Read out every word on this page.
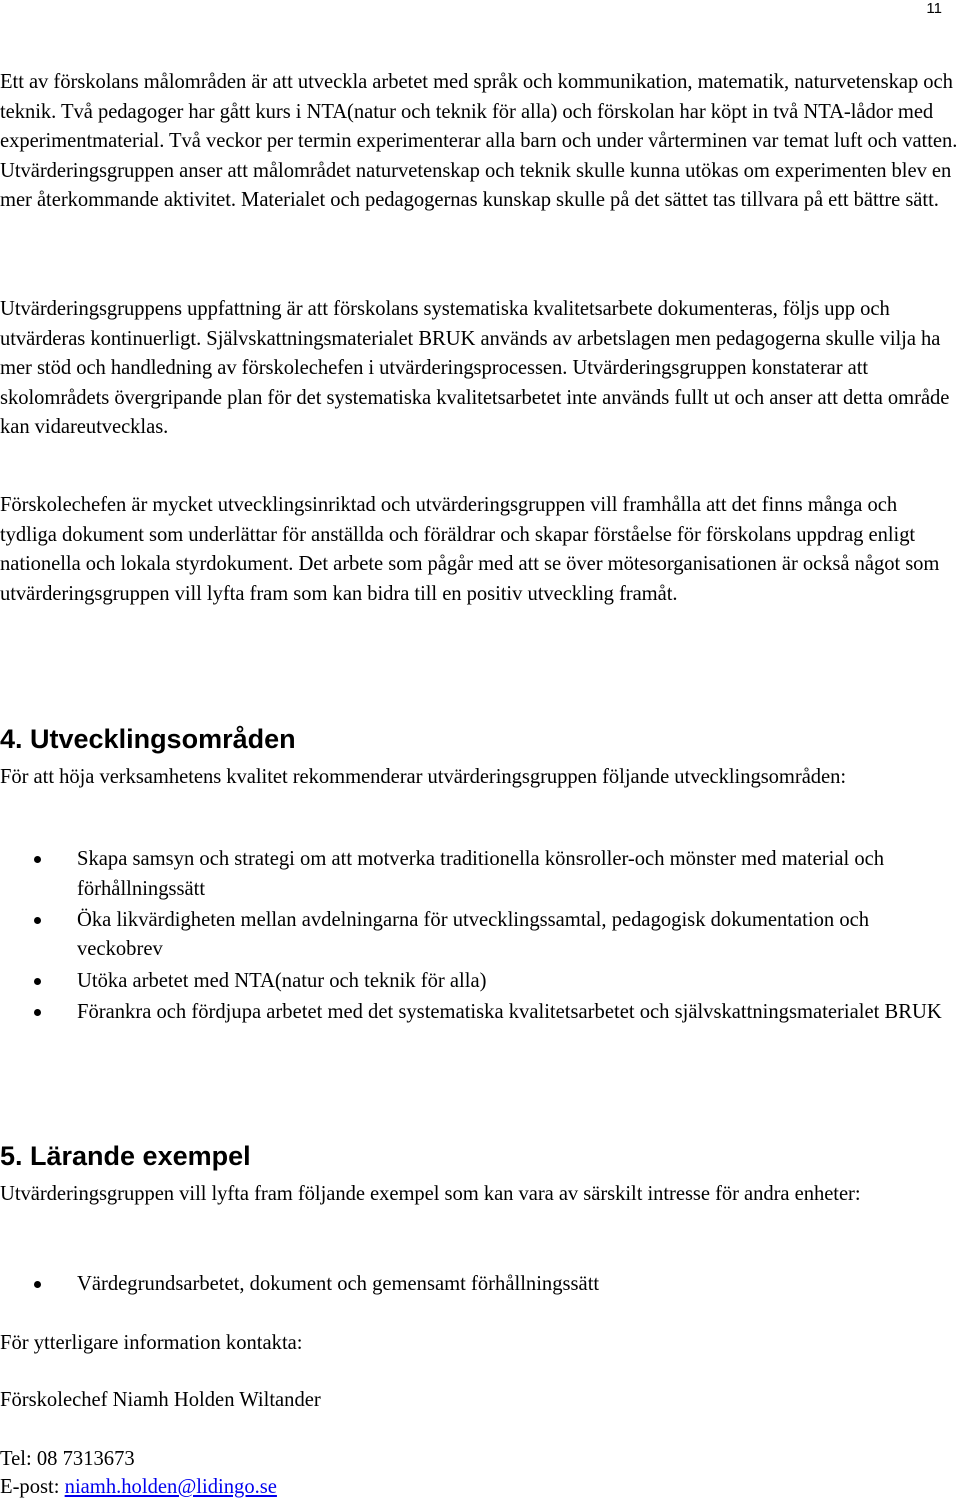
11

Ett av förskolans målområden är att utveckla arbetet med språk och kommunikation, matematik, naturvetenskap och teknik. Två pedagoger har gått kurs i NTA(natur och teknik för alla) och förskolan har köpt in två NTA-lådor med experimentmaterial. Två veckor per termin experimenterar alla barn och under vårterminen var temat luft och vatten. Utvärderingsgruppen anser att målområdet naturvetenskap och teknik skulle kunna utökas om experimenten blev en mer återkommande aktivitet. Materialet och pedagogernas kunskap skulle på det sättet tas tillvara på ett bättre sätt.

Utvärderingsgruppens uppfattning är att förskolans systematiska kvalitetsarbete dokumenteras, följs upp och utvärderas kontinuerligt. Självskattningsmaterialet BRUK används av arbetslagen men pedagogerna skulle vilja ha mer stöd och handledning av förskolechefen i utvärderingsprocessen. Utvärderingsgruppen konstaterar att skolområdets övergripande plan för det systematiska kvalitetsarbetet inte används fullt ut och anser att detta område kan vidareutvecklas.

Förskolechefen är mycket utvecklingsinriktad och utvärderingsgruppen vill framhålla att det finns många och tydliga dokument som underlättar för anställda och föräldrar och skapar förståelse för förskolans uppdrag enligt nationella och lokala styrdokument. Det arbete som pågår med att se över mötesorganisationen är också något som utvärderingsgruppen vill lyfta fram som kan bidra till en positiv utveckling framåt.

4. Utvecklingsområden

För att höja verksamhetens kvalitet rekommenderar utvärderingsgruppen följande utvecklingsområden:

Skapa samsyn och strategi om att motverka traditionella könsroller-och mönster med material och förhållningssätt
Öka likvärdigheten mellan avdelningarna för utvecklingssamtal, pedagogisk dokumentation och veckobrev
Utöka arbetet med NTA(natur och teknik för alla)
Förankra och fördjupa arbetet med det systematiska kvalitetsarbetet och självskattningsmaterialet BRUK
5. Lärande exempel

Utvärderingsgruppen vill lyfta fram följande exempel som kan vara av särskilt intresse för andra enheter:

Värdegrundsarbetet, dokument och gemensamt förhållningssätt

För ytterligare information kontakta:

Förskolechef Niamh Holden Wiltander

Tel: 08 7313673

E-post: niamh.holden@lidingo.se
